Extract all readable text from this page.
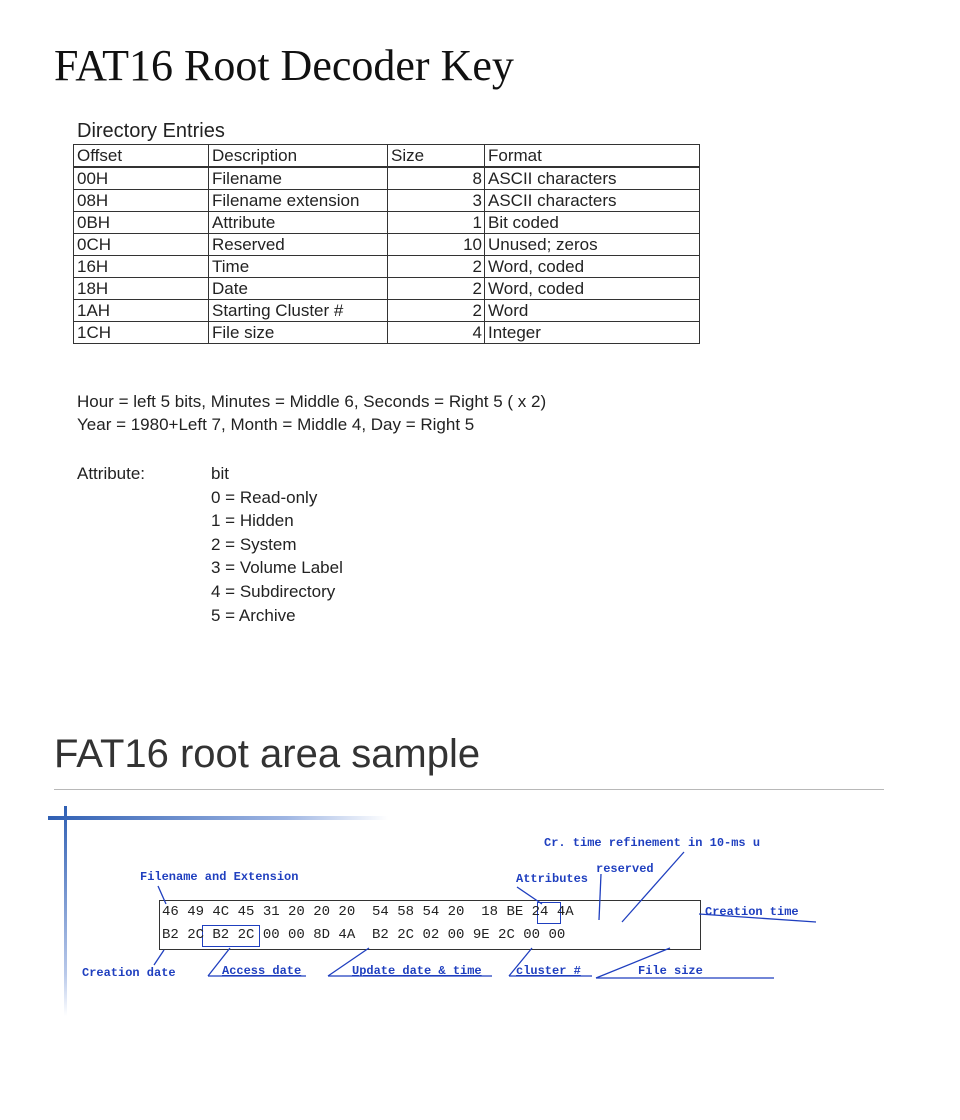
FAT16 Root Decoder Key
Directory Entries
Offset	Description	Size	Format
00H	Filename	8	ASCII characters
08H	Filename extension	3	ASCII characters
0BH	Attribute	1	Bit coded
0CH	Reserved	10	Unused; zeros
16H	Time	2	Word, coded
18H	Date	2	Word, coded
1AH	Starting Cluster #	2	Word
1CH	File size	4	Integer
Hour = left 5 bits, Minutes = Middle 6, Seconds = Right 5 ( x 2)
Year = 1980+Left 7, Month = Middle 4, Day = Right 5
Attribute:	bit
0 = Read-only
1 = Hidden
2 = System
3 = Volume Label
4 = Subdirectory
5 = Archive
FAT16 root area sample
46 49 4C 45 31 20 20 20  54 58 54 20  18 BE 24 4A
B2 2C B2 2C 00 00 8D 4A  B2 2C 02 00 9E 2C 00 00
Cr. time refinement in 10-ms u
reserved
Filename and Extension	Attributes
Creation time
Creation date	Access date	Update date & time	cluster #	File size
